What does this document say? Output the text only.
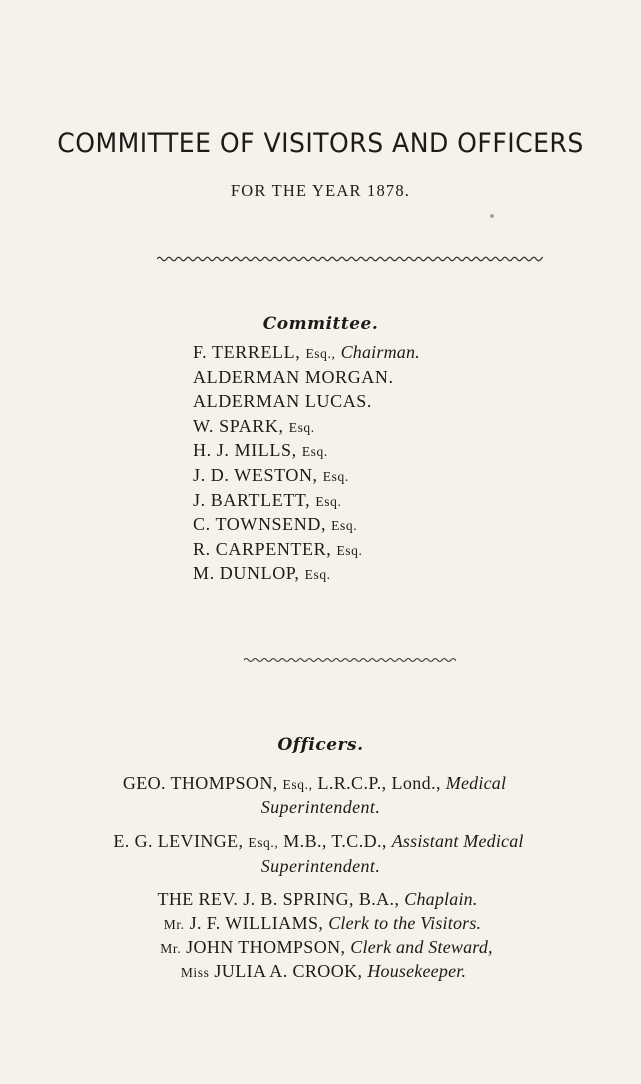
COMMITTEE OF VISITORS AND OFFICERS
FOR THE YEAR 1878.
Committee.
F. TERRELL, Esq., Chairman.
ALDERMAN MORGAN.
ALDERMAN LUCAS.
W. SPARK, Esq.
H. J. MILLS, Esq.
J. D. WESTON, Esq.
J. BARTLETT, Esq.
C. TOWNSEND, Esq.
R. CARPENTER, Esq.
M. DUNLOP, Esq.
Officers.
GEO. THOMPSON, Esq., L.R.C.P., Lond., Medical
Superintendent.
E. G. LEVINGE, Esq., M.B., T.C.D., Assistant Medical
Superintendent.
THE REV. J. B. SPRING, B.A., Chaplain.
Mr. J. F. WILLIAMS, Clerk to the Visitors.
Mr. JOHN THOMPSON, Clerk and Steward,
Miss JULIA A. CROOK, Housekeeper.
